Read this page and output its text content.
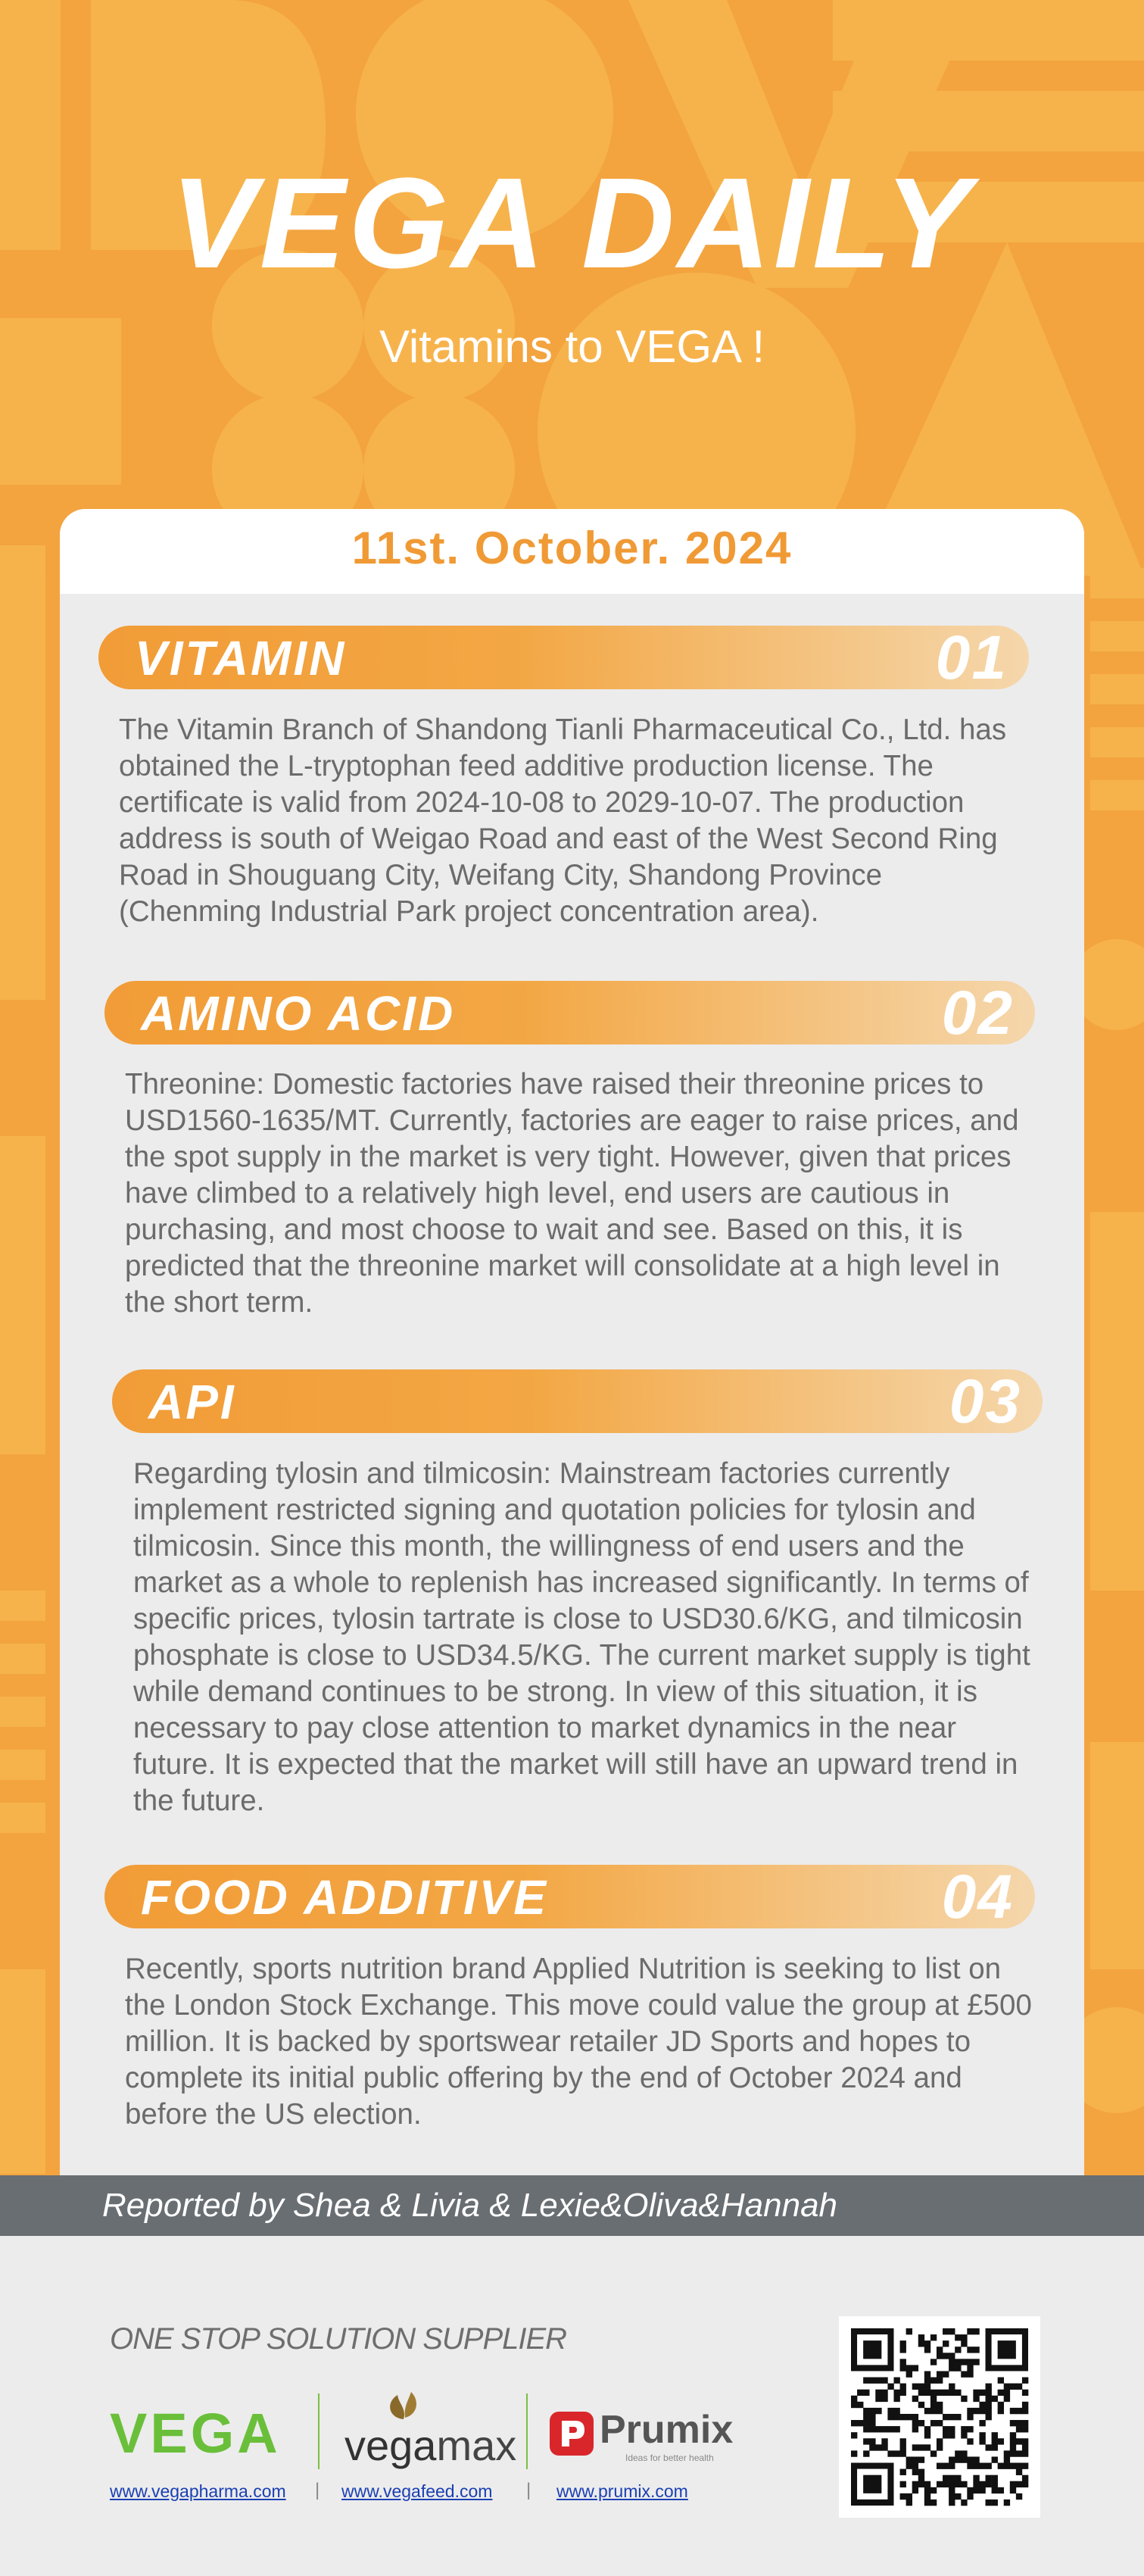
VEGA DAILY
Vitamins to VEGA !
11st. October. 2024
VITAMIN	01
The Vitamin Branch of Shandong Tianli Pharmaceutical Co., Ltd. has obtained the L-tryptophan feed additive production license. The certificate is valid from 2024-10-08 to 2029-10-07. The production address is south of Weigao Road and east of the West Second Ring Road in Shouguang City, Weifang City, Shandong Province (Chenming Industrial Park project concentration area).
AMINO ACID	02
Threonine: Domestic factories have raised their threonine prices to USD1560-1635/MT. Currently, factories are eager to raise prices, and the spot supply in the market is very tight. However, given that prices have climbed to a relatively high level, end users are cautious in purchasing, and most choose to wait and see. Based on this, it is predicted that the threonine market will consolidate at a high level in the short term.
API	03
Regarding tylosin and tilmicosin: Mainstream factories currently implement restricted signing and quotation policies for tylosin and tilmicosin. Since this month, the willingness of end users and the market as a whole to replenish has increased significantly. In terms of specific prices, tylosin tartrate is close to USD30.6/KG, and tilmicosin phosphate is close to USD34.5/KG. The current market supply is tight while demand continues to be strong. In view of this situation, it is necessary to pay close attention to market dynamics in the near future. It is expected that the market will still have an upward trend in the future.
FOOD ADDITIVE	04
Recently, sports nutrition brand Applied Nutrition is seeking to list on the London Stock Exchange. This move could value the group at £500 million. It is backed by sportswear retailer JD Sports and hopes to complete its initial public offering by the end of October 2024 and before the US election.
Reported by Shea & Livia & Lexie&Oliva&Hannah
ONE STOP SOLUTION SUPPLIER
VEGA vegamax Prumix
Ideas for better health
www.vegapharma.com | www.vegafeed.com | www.prumix.com
